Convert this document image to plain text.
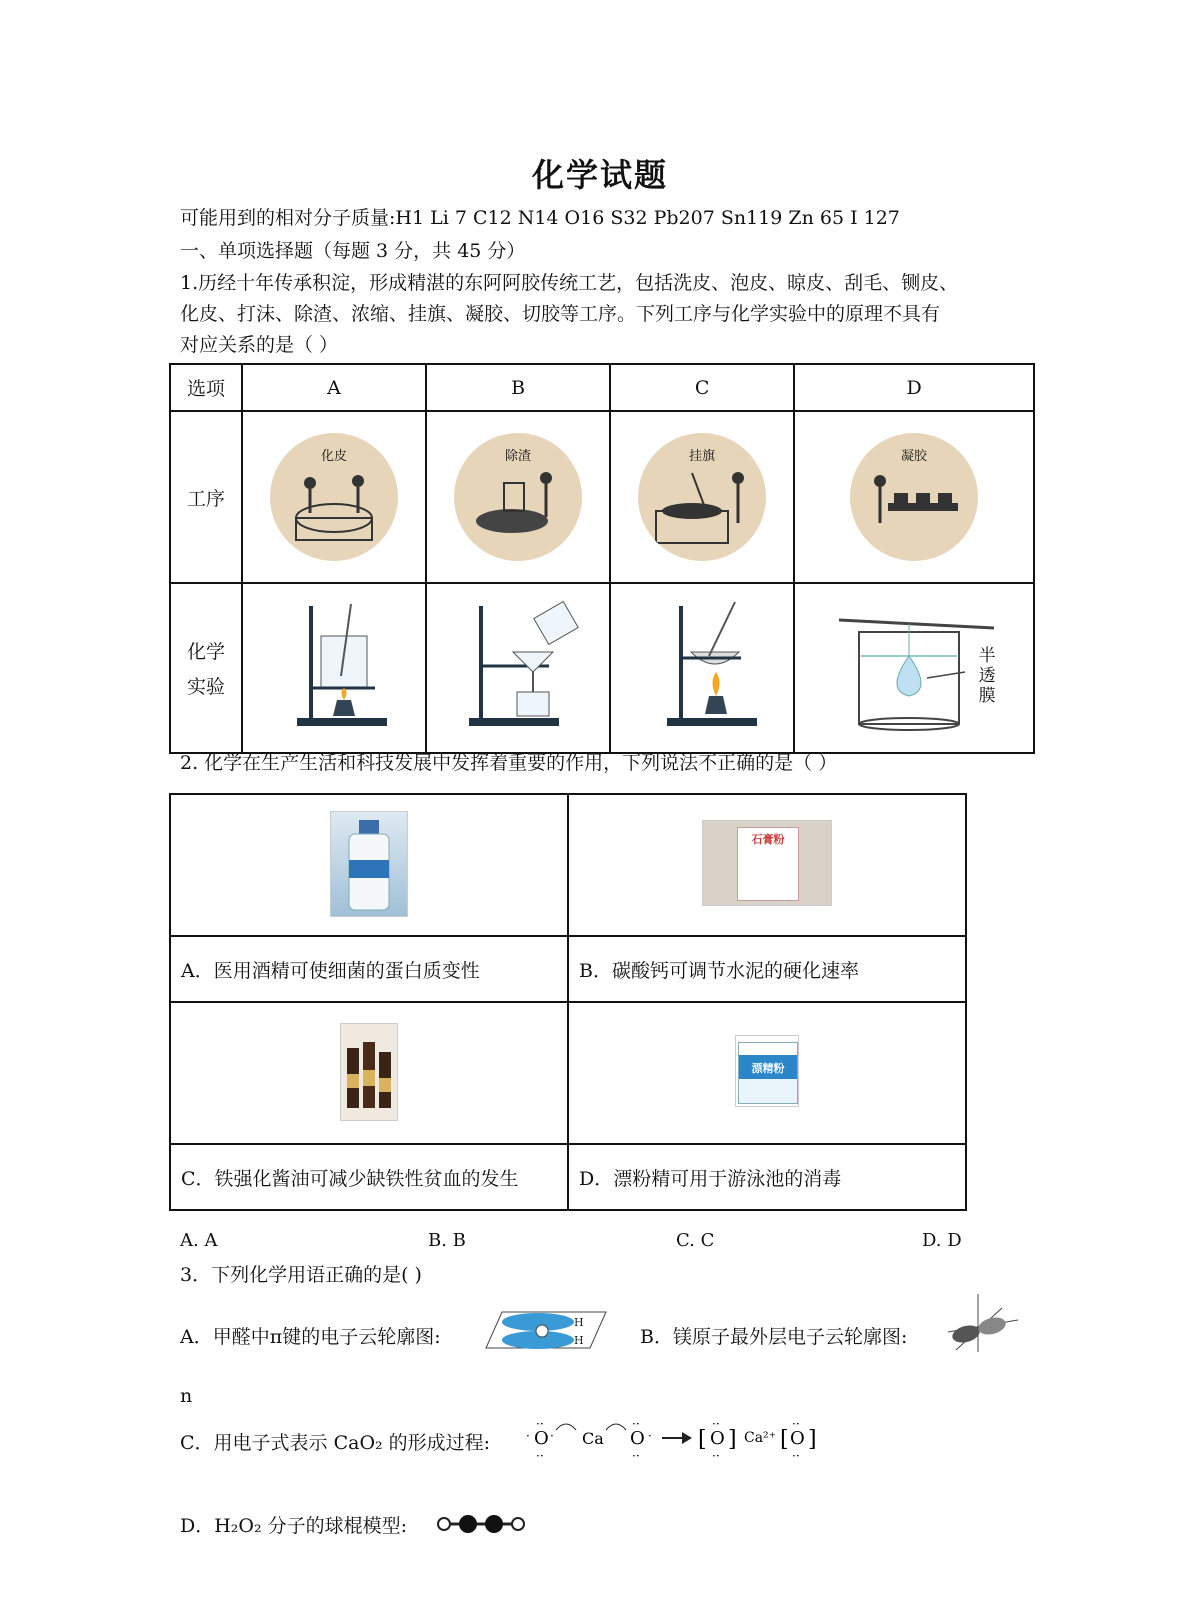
化学试题
可能用到的相对分子质量:H1 Li 7 C12 N14 O16 S32 Pb207 Sn119 Zn 65 I 127
一、单项选择题（每题 3 分，共 45 分）
1.历经十年传承积淀，形成精湛的东阿阿胶传统工艺，包括洗皮、泡皮、晾皮、刮毛、铡皮、
化皮、打沫、除渣、浓缩、挂旗、凝胶、切胶等工序。下列工序与化学实验中的原理不具有
对应关系的是（ ）
选项	A	B	C	D
工序	化皮	除渣	挂旗	凝胶

化学
实验				半透膜
2. 化学在生产生活和科技发展中发挥着重要的作用，下列说法不正确的是（ ）

石膏粉

A．医用酒精可使细菌的蛋白质变性	B．碳酸钙可调节水泥的硬化速率

漂精粉

C．铁强化酱油可减少缺铁性贫血的发生	D．漂粉精可用于游泳池的消毒
A. A	B. B	C. C	D. D
3．下列化学用语正确的是( )
A．甲醛中π键的电子云轮廓图:
H
H	B．镁原子最外层电子云轮廓图:
n
C．用电子式表示 CaO₂ 的形成过程: O
··
··
· · Ca O
··
··
· [ O
··
··
] Ca²⁺ [ O
··
··
]
D．H₂O₂ 分子的球棍模型:
